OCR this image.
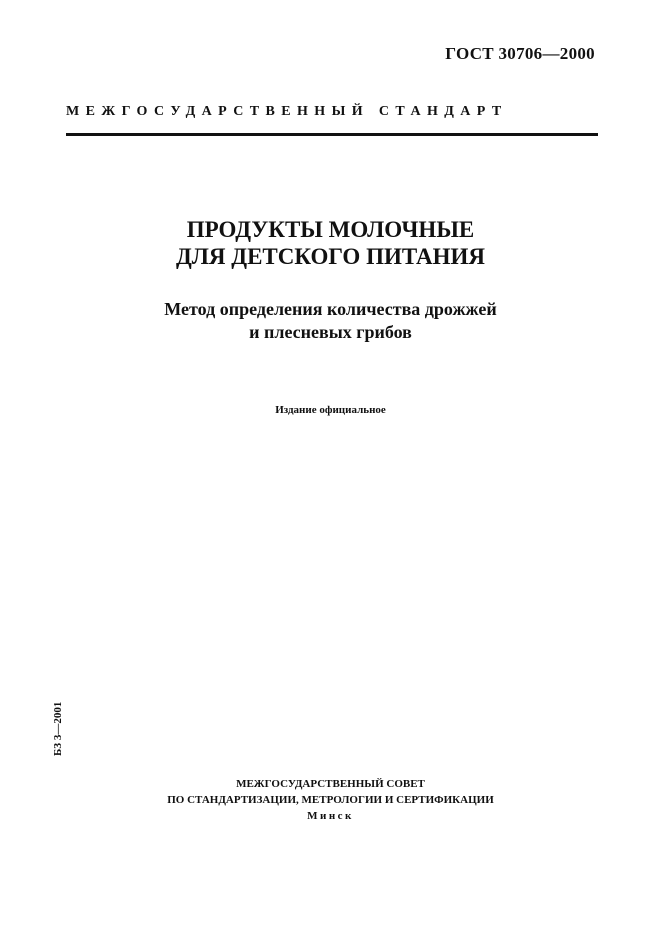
ГОСТ 30706—2000
МЕЖГОСУДАРСТВЕННЫЙ СТАНДАРТ
ПРОДУКТЫ МОЛОЧНЫЕ
ДЛЯ ДЕТСКОГО ПИТАНИЯ
Метод определения количества дрожжей
и плесневых грибов
Издание официальное
БЗ 3—2001
МЕЖГОСУДАРСТВЕННЫЙ СОВЕТ
ПО СТАНДАРТИЗАЦИИ, МЕТРОЛОГИИ И СЕРТИФИКАЦИИ
Минск
